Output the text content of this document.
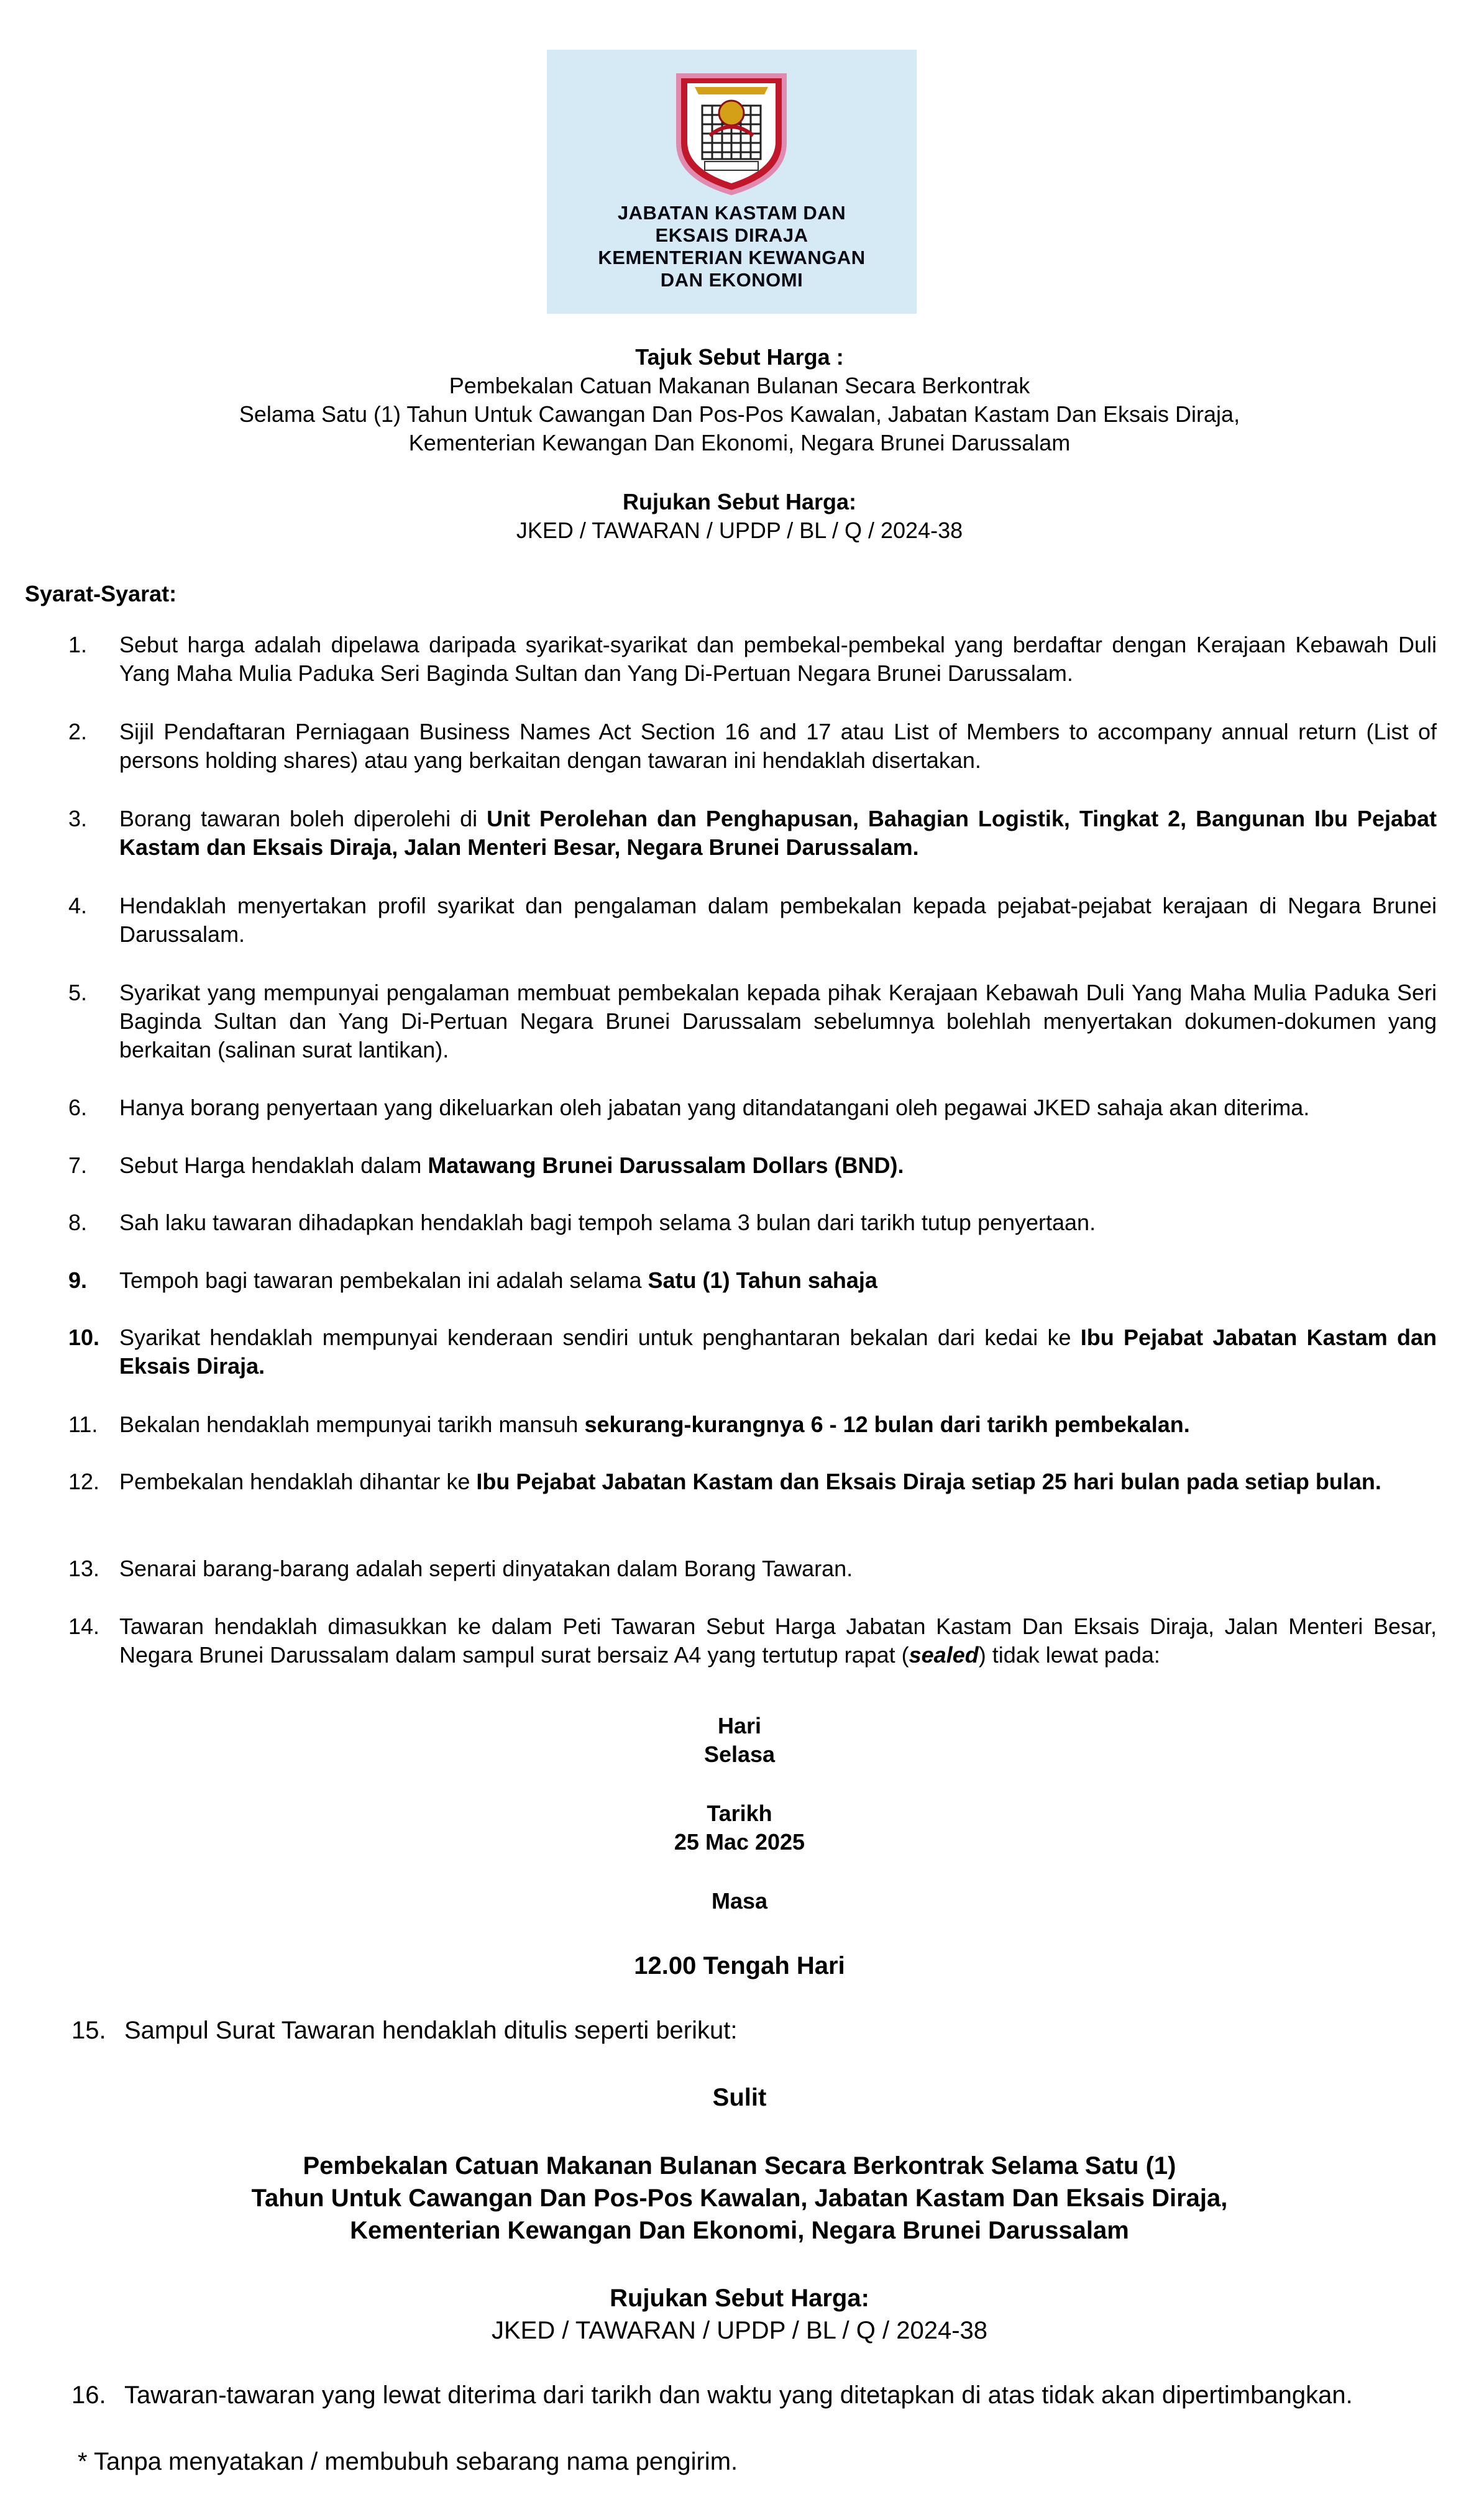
JABATAN KASTAM DAN
EKSAIS DIRAJA
KEMENTERIAN KEWANGAN
DAN EKONOMI
Tajuk Sebut Harga :
Pembekalan Catuan Makanan Bulanan Secara Berkontrak
Selama Satu (1) Tahun Untuk Cawangan Dan Pos-Pos Kawalan, Jabatan Kastam Dan Eksais Diraja,
Kementerian Kewangan Dan Ekonomi, Negara Brunei Darussalam
Rujukan Sebut Harga:
JKED / TAWARAN / UPDP / BL / Q / 2024-38
Syarat-Syarat:
1.	Sebut harga adalah dipelawa daripada syarikat-syarikat dan pembekal-pembekal yang berdaftar dengan Kerajaan Kebawah Duli Yang Maha Mulia Paduka Seri Baginda Sultan dan Yang Di-Pertuan Negara Brunei Darussalam.
2.	Sijil Pendaftaran Perniagaan Business Names Act Section 16 and 17 atau List of Members to accompany annual return (List of persons holding shares) atau yang berkaitan dengan tawaran ini hendaklah disertakan.
3.	Borang tawaran boleh diperolehi di Unit Perolehan dan Penghapusan, Bahagian Logistik, Tingkat 2, Bangunan Ibu Pejabat Kastam dan Eksais Diraja, Jalan Menteri Besar, Negara Brunei Darussalam.
4.	Hendaklah menyertakan profil syarikat dan pengalaman dalam pembekalan kepada pejabat-pejabat kerajaan di Negara Brunei Darussalam.
5.	Syarikat yang mempunyai pengalaman membuat pembekalan kepada pihak Kerajaan Kebawah Duli Yang Maha Mulia Paduka Seri Baginda Sultan dan Yang Di-Pertuan Negara Brunei Darussalam sebelumnya bolehlah menyertakan dokumen-dokumen yang berkaitan (salinan surat lantikan).
6.	Hanya borang penyertaan yang dikeluarkan oleh jabatan yang ditandatangani oleh pegawai JKED sahaja akan diterima.
7.	Sebut Harga hendaklah dalam Matawang Brunei Darussalam Dollars (BND).
8.	Sah laku tawaran dihadapkan hendaklah bagi tempoh selama 3 bulan dari tarikh tutup penyertaan.
9.	Tempoh bagi tawaran pembekalan ini adalah selama Satu (1) Tahun sahaja
10. Syarikat hendaklah mempunyai kenderaan sendiri untuk penghantaran bekalan dari kedai ke Ibu Pejabat Jabatan Kastam dan Eksais Diraja.
11. Bekalan hendaklah mempunyai tarikh mansuh sekurang-kurangnya 6 - 12 bulan dari tarikh pembekalan.
12. Pembekalan hendaklah dihantar ke Ibu Pejabat Jabatan Kastam dan Eksais Diraja setiap 25 hari bulan pada setiap bulan.
13. Senarai barang-barang adalah seperti dinyatakan dalam Borang Tawaran.
14. Tawaran hendaklah dimasukkan ke dalam Peti Tawaran Sebut Harga Jabatan Kastam Dan Eksais Diraja, Jalan Menteri Besar, Negara Brunei Darussalam dalam sampul surat bersaiz A4 yang tertutup rapat (sealed) tidak lewat pada:
Hari
Selasa
Tarikh
25 Mac 2025
Masa
12.00 Tengah Hari
15. Sampul Surat Tawaran hendaklah ditulis seperti berikut:
Sulit
Pembekalan Catuan Makanan Bulanan Secara Berkontrak Selama Satu (1)
Tahun Untuk Cawangan Dan Pos-Pos Kawalan, Jabatan Kastam Dan Eksais Diraja,
Kementerian Kewangan Dan Ekonomi, Negara Brunei Darussalam
Rujukan Sebut Harga:
JKED / TAWARAN / UPDP / BL / Q / 2024-38
16. Tawaran-tawaran yang lewat diterima dari tarikh dan waktu yang ditetapkan di atas tidak akan dipertimbangkan.
* Tanpa menyatakan / membubuh sebarang nama pengirim.
